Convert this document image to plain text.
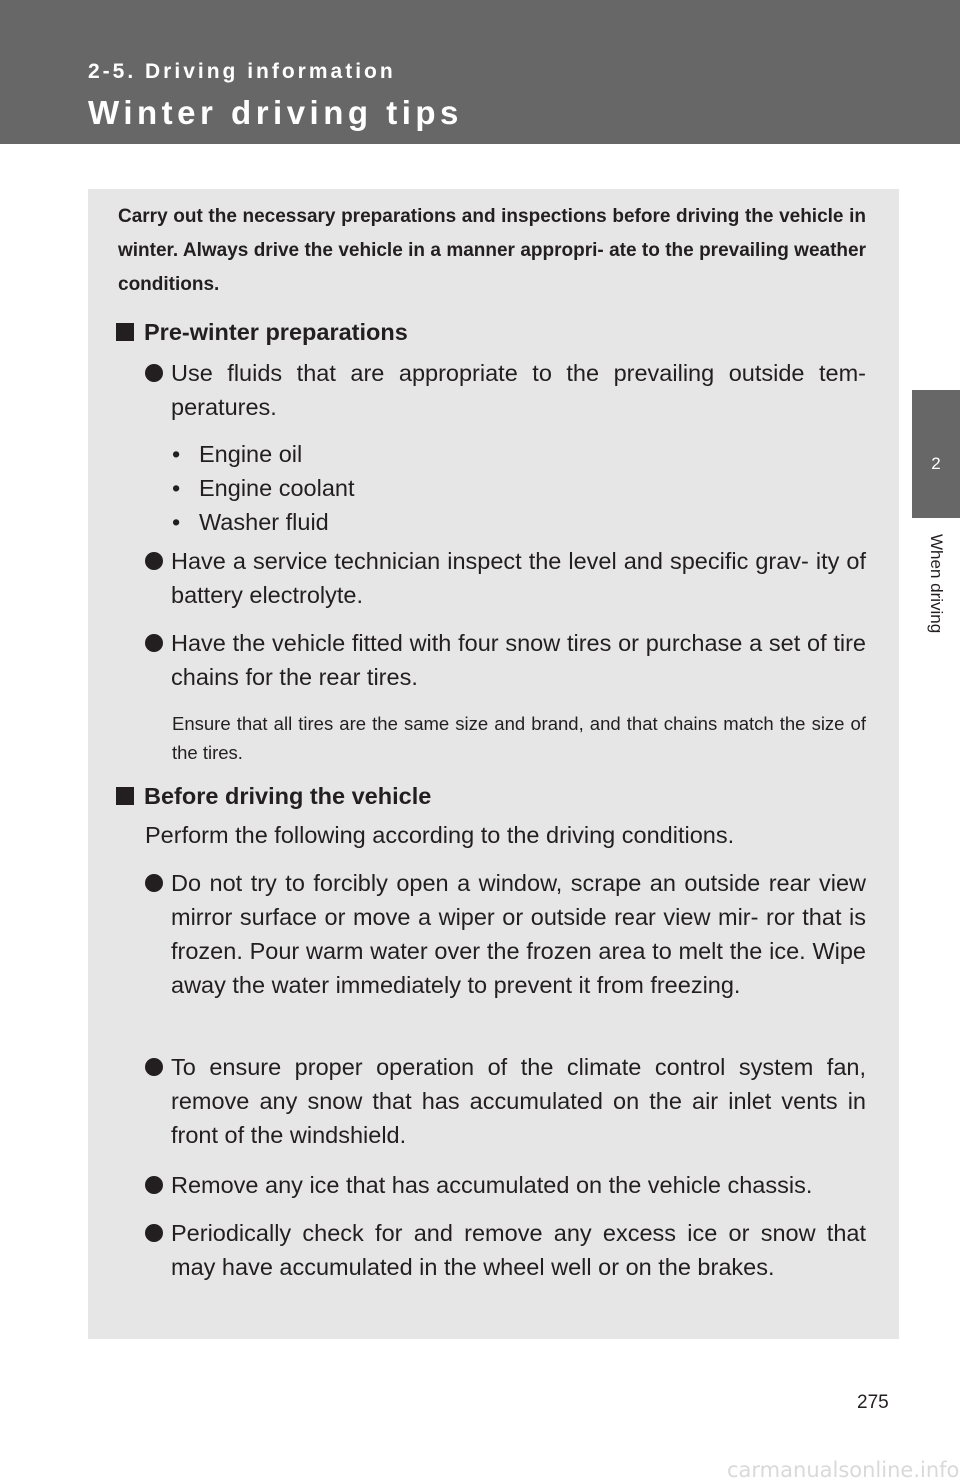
2-5. Driving information
Winter driving tips
2
When driving
Carry out the necessary preparations and inspections before driving the vehicle in winter. Always drive the vehicle in a manner appropri- ate to the prevailing weather conditions.
Pre-winter preparations
Use fluids that are appropriate to the prevailing outside tem- peratures.
• Engine oil
• Engine coolant
• Washer fluid
Have a service technician inspect the level and specific grav- ity of battery electrolyte.
Have the vehicle fitted with four snow tires or purchase a set of tire chains for the rear tires.
Ensure that all tires are the same size and brand, and that chains match the size of the tires.
Before driving the vehicle
Perform the following according to the driving conditions.
Do not try to forcibly open a window, scrape an outside rear view mirror surface or move a wiper or outside rear view mir- ror that is frozen. Pour warm water over the frozen area to melt the ice. Wipe away the water immediately to prevent it from freezing.
To ensure proper operation of the climate control system fan, remove any snow that has accumulated on the air inlet vents in front of the windshield.
Remove any ice that has accumulated on the vehicle chassis.
Periodically check for and remove any excess ice or snow that may have accumulated in the wheel well or on the brakes.
275
carmanualsonline.info
